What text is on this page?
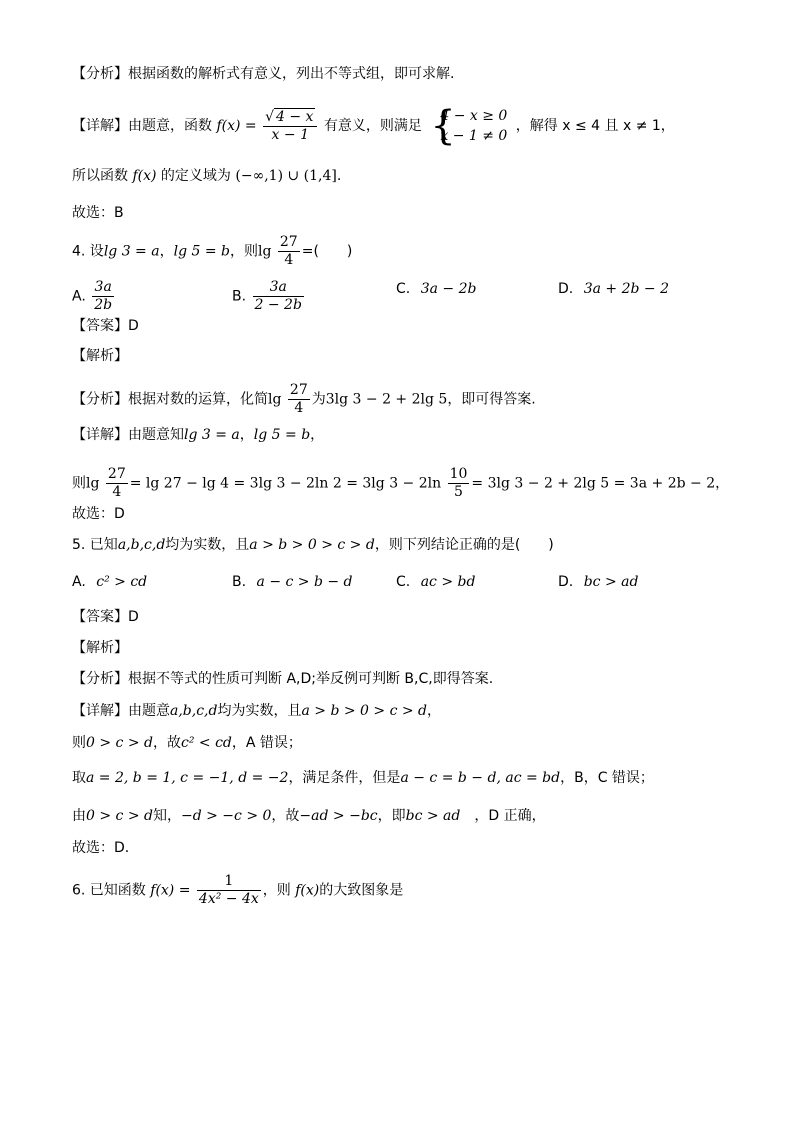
【分析】根据函数的解析式有意义，列出不等式组，即可求解.
【详解】由题意，函数 $f(x) = \frac{√ 4 - x}{x - 1}$ 有意义，则满足 {
4 − x ≥ 0
x − 1 ≠ 0
，解得 x ≤ 4 且 x ≠ 1，
所以函数 f(x) 的定义域为 (−∞,1) ∪ (1,4].
故选：B
4. 设lg 3 = a，lg 5 = b，则$\lg \frac{27}{4}$ =(　　)
A. $\frac{3a}{2b}$	B. $\frac{3a}{2 - 2b}$	C. 3a − 2b	D. 3a + 2b − 2
【答案】D
【解析】
【分析】根据对数的运算，化简$\lg \frac{27}{4}$ 为3lg 3 − 2 + 2lg 5，即可得答案.
【详解】由题意知lg 3 = a，lg 5 = b，
则$\lg \frac{27}{4} = \lg 27 - \lg 4 = 3\lg$ 3 − 2ln 2 = 3lg $3 - 2\ln \frac{10}{5} = 3\lg$ 3 − 2 + 2lg 5 = 3a + 2b − 2，
故选：D
5. 已知a,b,c,d均为实数，且a > b > 0 > c > d，则下列结论正确的是(　　)
A. c² > cd	B. a − c > b − d	C. ac > bd	D. bc > ad
【答案】D
【解析】
【分析】根据不等式的性质可判断 A,D;举反例可判断 B,C,即得答案.
【详解】由题意a,b,c,d均为实数，且a > b > 0 > c > d，
则0 > c > d，故c² < cd，A 错误；
取a = 2, b = 1, c = −1, d = −2，满足条件，但是a − c = b − d, ac = bd，B，C 错误；
由0 > c > d知，−d > −c > 0，故−ad > −bc，即bc > ad　，D 正确，
故选：D.
6. 已知函数 $f(x) = \frac{1}{\text{4x² − 4x}}$ ，则 f(x)的大致图象是
